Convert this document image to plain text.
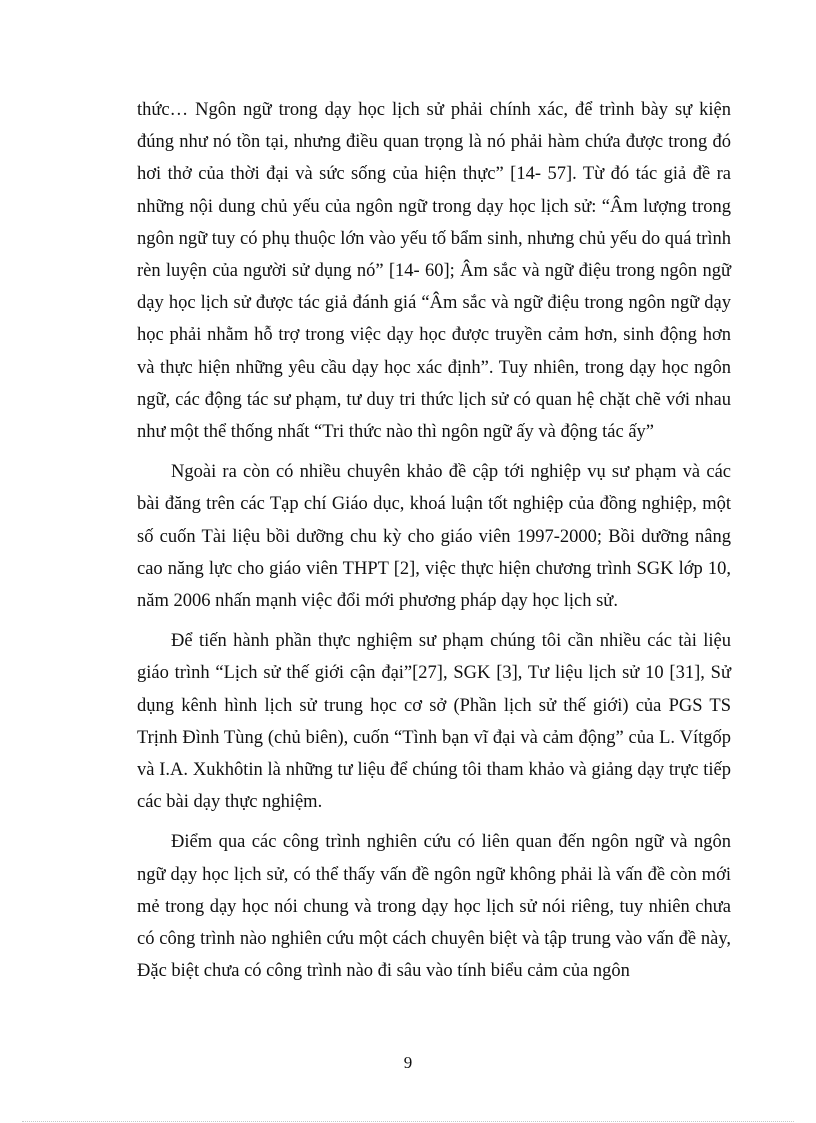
thức… Ngôn ngữ trong dạy học lịch sử phải chính xác, để trình bày sự kiện đúng như nó tồn tại, nhưng điều quan trọng là nó phải hàm chứa được trong đó hơi thở của thời đại và sức sống của hiện thực” [14- 57]. Từ đó tác giả đề ra những nội dung chủ yếu của ngôn ngữ trong dạy học lịch sử: “Âm lượng trong ngôn ngữ tuy có phụ thuộc lớn vào yếu tố bẩm sinh, nhưng chủ yếu do quá trình rèn luyện của người sử dụng nó” [14- 60]; Âm sắc và ngữ điệu trong ngôn ngữ dạy học lịch sử được tác giả đánh giá “Âm sắc và ngữ điệu trong ngôn ngữ dạy học phải nhằm hỗ trợ trong việc dạy học được truyền cảm hơn, sinh động hơn và thực hiện những yêu cầu dạy học xác định”. Tuy nhiên, trong dạy học ngôn ngữ, các động tác sư phạm, tư duy tri thức lịch sử có quan hệ chặt chẽ với nhau như một thể thống nhất “Tri thức nào thì ngôn ngữ ấy và động tác ấy”

Ngoài ra còn có nhiều chuyên khảo đề cập tới nghiệp vụ sư phạm và các bài đăng trên các Tạp chí Giáo dục, khoá luận tốt nghiệp của đồng nghiệp, một số cuốn Tài liệu bồi dưỡng chu kỳ cho giáo viên 1997-2000; Bồi dưỡng nâng cao năng lực cho giáo viên THPT [2], việc thực hiện chương trình SGK lớp 10, năm 2006 nhấn mạnh việc đổi mới phương pháp dạy học lịch sử.

Để tiến hành phần thực nghiệm sư phạm chúng tôi cần nhiều các tài liệu giáo trình “Lịch sử thế giới cận đại”[27], SGK [3], Tư liệu lịch sử 10 [31], Sử dụng kênh hình lịch sử trung học cơ sở (Phần lịch sử thế giới) của PGS TS Trịnh Đình Tùng (chủ biên), cuốn “Tình bạn vĩ đại và cảm động” của L. Vítgốp và I.A. Xukhôtin là những tư liệu để chúng tôi tham khảo và giảng dạy trực tiếp các bài dạy thực nghiệm.

Điểm qua các công trình nghiên cứu có liên quan đến ngôn ngữ và ngôn ngữ dạy học lịch sử, có thể thấy vấn đề ngôn ngữ không phải là vấn đề còn mới mẻ trong dạy học nói chung và trong dạy học lịch sử nói riêng, tuy nhiên chưa có công trình nào nghiên cứu một cách chuyên biệt và tập trung vào vấn đề này, Đặc biệt chưa có công trình nào đi sâu vào tính biểu cảm của ngôn

9
